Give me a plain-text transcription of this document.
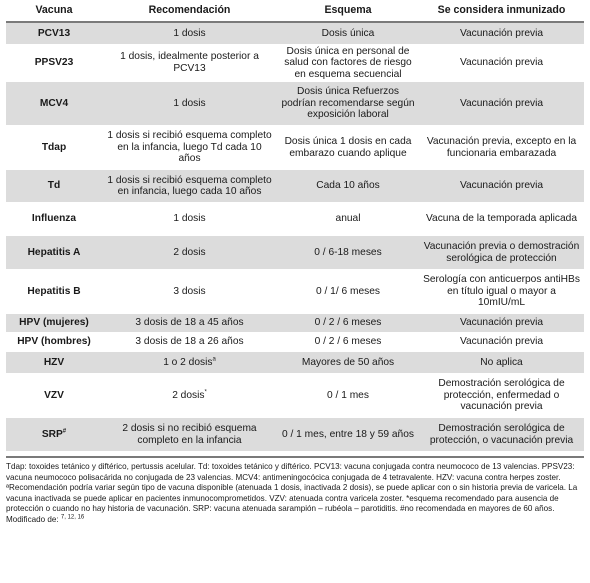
Vacuna	Recomendación	Esquema	Se considera inmunizado
PCV13	1 dosis	Dosis única	Vacunación previa
PPSV23	1 dosis, idealmente posterior a PCV13	Dosis única en personal de salud con factores de riesgo en esquema secuencial	Vacunación previa
MCV4	1 dosis	Dosis única Refuerzos podrían recomendarse según exposición laboral	Vacunación previa
Tdap	1 dosis si recibió esquema completo en la infancia, luego Td cada 10 años	Dosis única 1 dosis en cada embarazo cuando aplique	Vacunación previa, excepto en la funcionaria embarazada
Td	1 dosis si recibió esquema completo en infancia, luego cada 10 años	Cada 10 años	Vacunación previa
Influenza	1 dosis	anual	Vacuna de la temporada aplicada
Hepatitis A	2 dosis	0 / 6-18 meses	Vacunación previa o demostración serológica de protección
Hepatitis B	3 dosis	0 / 1/ 6 meses	Serología con anticuerpos antiHBs en título igual o mayor a 10mIU/mL
HPV (mujeres)	3 dosis de 18 a 45 años	0 / 2 / 6 meses	Vacunación previa
HPV (hombres)	3 dosis de 18 a 26 años	0 / 2 / 6 meses	Vacunación previa
HZV	1 o 2 dosis$^a$	Mayores de 50 años	No aplica
VZV	2 dosis*	0 / 1 mes	Demostración serológica de protección, enfermedad o vacunación previa
SRP#	2 dosis si no recibió esquema completo en la infancia	0 / 1 mes, entre 18 y 59 años	Demostración serológica de protección, o vacunación previa
Tdap: toxoides tetánico y diftérico, pertussis acelular. Td: toxoides tetánico y diftérico. PCV13: vacuna conjugada contra neumococo de 13 valencias. PPSV23: vacuna neumococo polisacárida no conjugada de 23 valencias. MCV4: antimeningocócica conjugada de 4 tetravalente. HZV: vacuna contra herpes zoster. ªRecomendación podría variar según tipo de vacuna disponible (atenuada 1 dosis, inactivada 2 dosis), se puede aplicar con o sin historia previa de varicela. La vacuna inactivada se puede aplicar en pacientes inmunocomprometidos. VZV: atenuada contra varicela zoster. *esquema recomendado para ausencia de protección o cuando no hay historia de vacunación. SRP: vacuna atenuada sarampión – rubéola – parotiditis. #no recomendada en mayores de 60 años. Modificado de: $^{7, 12, 16}$
